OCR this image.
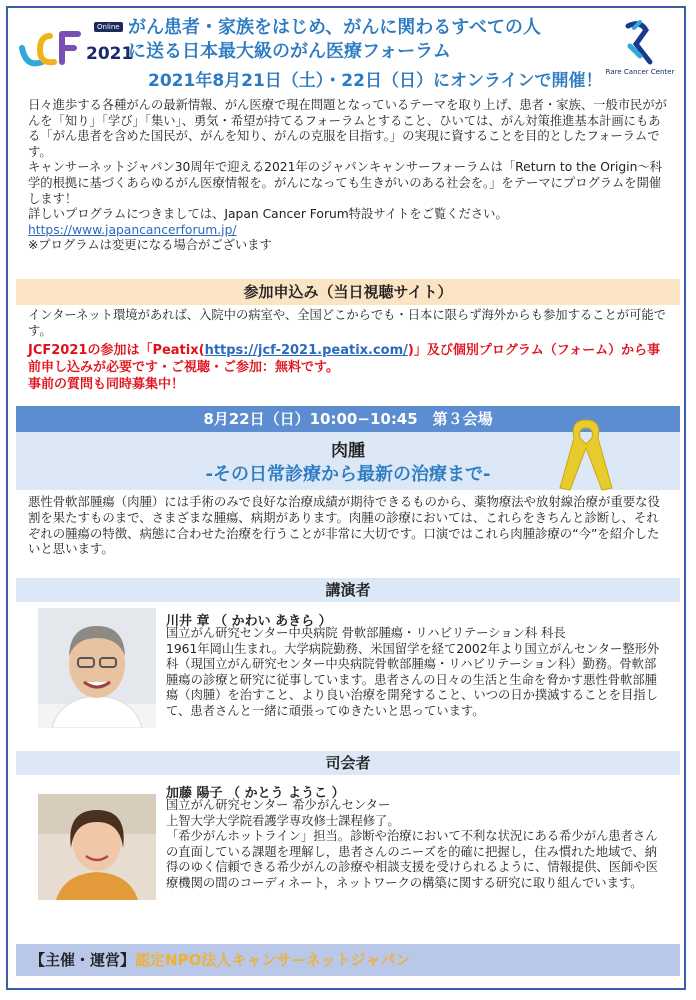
Online
2021
がん患者・家族をはじめ、がんに関わるすべての人
に送る日本最大級のがん医療フォーラム
2021年8月21日（土）・22日（日）にオンラインで開催！ Rare Cancer Center

日々進歩する各種がんの最新情報、がん医療で現在問題となっているテーマを取り上げ、患者・家族、一般市民ががんを「知り」「学び」「集い」、勇気・希望が持てるフォーラムとすること、ひいては、がん対策推進基本計画にもある「がん患者を含めた国民が、がんを知り、がんの克服を目指す。」の実現に資することを目的としたフォーラムです。

キャンサーネットジャパン30周年で迎える2021年のジャパンキャンサーフォーラムは「Return to the Origin〜科学的根拠に基づくあらゆるがん医療情報を。がんになっても生きがいのある社会を。」をテーマにプログラムを開催します！

詳しいプログラムにつきましては、Japan Cancer Forum特設サイトをご覧ください。

https://www.japancancerforum.jp/

※プログラムは変更になる場合がございます

参加申込み（当日視聴サイト）
インターネット環境があれば、入院中の病室や、全国どこからでも・日本に限らず海外からも参加することが可能です。
JCF2021の参加は「Peatix(https://jcf-2021.peatix.com/)」及び個別プログラム（フォーム）から事前申し込みが必要です・ご視聴・ご参加：無料です。
事前の質問も同時募集中！
8月22日（日）10:00−10:45　第３会場
肉腫
-その日常診療から最新の治療まで-
悪性骨軟部腫瘍（肉腫）には手術のみで良好な治療成績が期待できるものから、薬物療法や放射線治療が重要な役割を果たすものまで、さまざまな腫瘍、病期があります。肉腫の診療においては、これらをきちんと診断し、それぞれの腫瘍の特徴、病態に合わせた治療を行うことが非常に大切です。口演ではこれら肉腫診療の“今”を紹介したいと思います。
講演者
川井 章 （ かわい あきら ）
国立がん研究センター中央病院 骨軟部腫瘍・リハビリテーション科 科長
1961年岡山生まれ。大学病院勤務、米国留学を経て2002年より国立がんセンター整形外科（現国立がん研究センター中央病院骨軟部腫瘍・リハビリテーション科）勤務。骨軟部腫瘍の診療と研究に従事しています。患者さんの日々の生活と生命を脅かす悪性骨軟部腫瘍（肉腫）を治すこと、より良い治療を開発すること、いつの日か撲滅することを目指して、患者さんと一緒に頑張ってゆきたいと思っています。
司会者
加藤 陽子 （ かとう ようこ ）
国立がん研究センター 希少がんセンター
上智大学大学院看護学専攻修士課程修了。
「希少がんホットライン」担当。診断や治療において不利な状況にある希少がん患者さんの直面している課題を理解し，患者さんのニーズを的確に把握し，住み慣れた地域で、納得のゆく信頼できる希少がんの診療や相談支援を受けられるように、情報提供、医師や医療機関の間のコーディネート，ネットワークの構築に関する研究に取り組んでいます。
【主催・運営】認定NPO法人キャンサーネットジャパン
